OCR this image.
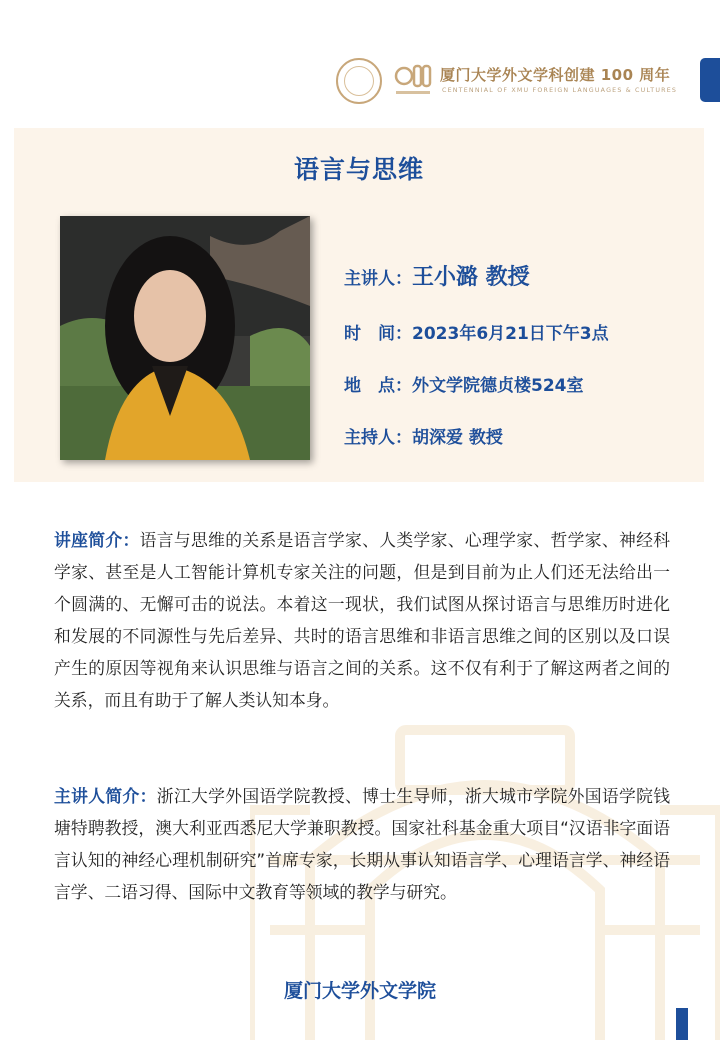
厦门大学外文学科创建 100 周年
CENTENNIAL OF XMU FOREIGN LANGUAGES & CULTURES
语言与思维
主讲人：王小潞 教授
时　间：2023年6月21日下午3点
地　点：外文学院德贞楼524室
主持人：胡深爱 教授
讲座简介：语言与思维的关系是语言学家、人类学家、心理学家、哲学家、神经科学家、甚至是人工智能计算机专家关注的问题，但是到目前为止人们还无法给出一个圆满的、无懈可击的说法。本着这一现状，我们试图从探讨语言与思维历时进化和发展的不同源性与先后差异、共时的语言思维和非语言思维之间的区别以及口误产生的原因等视角来认识思维与语言之间的关系。这不仅有利于了解这两者之间的关系，而且有助于了解人类认知本身。
主讲人简介：浙江大学外国语学院教授、博士生导师，浙大城市学院外国语学院钱塘特聘教授，澳大利亚西悉尼大学兼职教授。国家社科基金重大项目“汉语非字面语言认知的神经心理机制研究”首席专家，长期从事认知语言学、心理语言学、神经语言学、二语习得、国际中文教育等领域的教学与研究。
厦门大学外文学院
